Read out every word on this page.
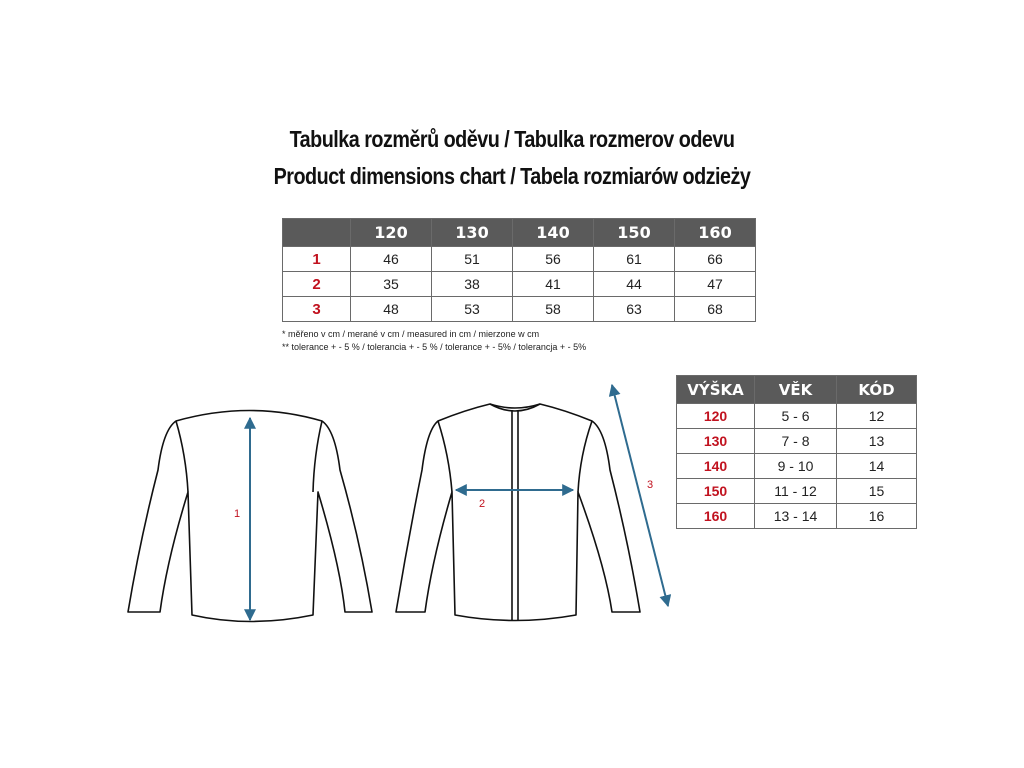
Tabulka rozměrů oděvu / Tabulka rozmerov odevu
Product dimensions chart / Tabela rozmiarów odzieży
	120	130	140	150	160
1	46	51	56	61	66
2	35	38	41	44	47
3	48	53	58	63	68
* měřeno v cm / merané v cm / measured in cm / mierzone w cm
** tolerance + - 5 % / tolerancia + - 5 % / tolerance + - 5% / tolerancja + - 5%
VÝŠKA	VĚK	KÓD
120	5 - 6	12
130	7 - 8	13
140	9 - 10	14
150	11 - 12	15
160	13 - 14	16
1
2
3
